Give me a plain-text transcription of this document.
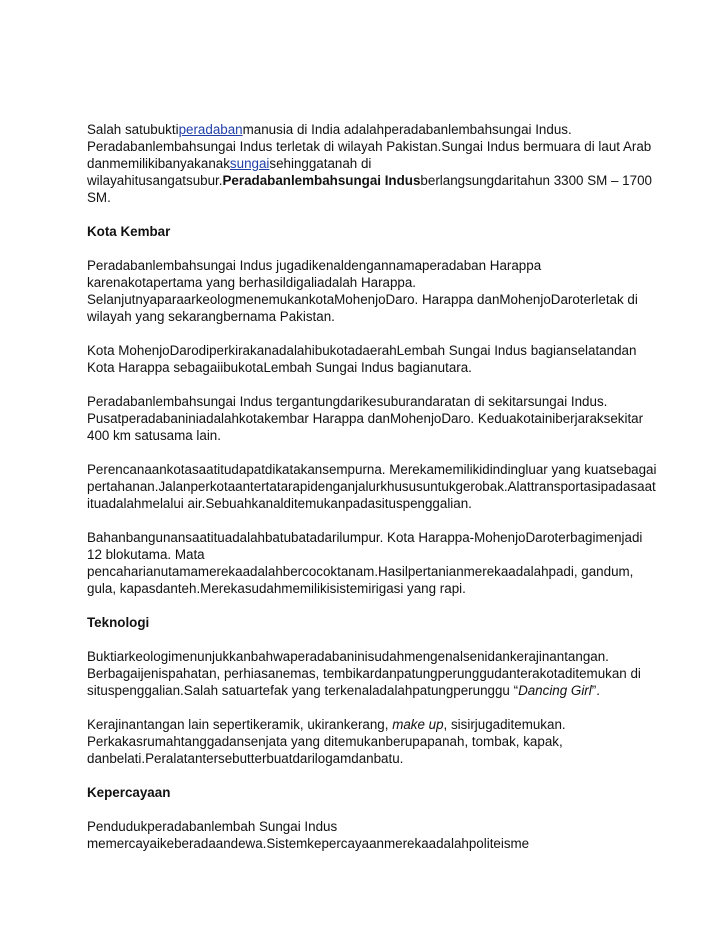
Salah satubuktiperadabanmanusia di India adalahperadabanlembahsungai Indus. Peradabanlembahsungai Indus terletak di wilayah Pakistan.Sungai Indus bermuara di laut Arab danmemilikibanyakanaksungaisehinggatanah di wilayahitusangatsubur.Peradabanlembahsungai Indusberlangsungdaritahun 3300 SM – 1700 SM.

Kota Kembar

Peradabanlembahsungai Indus jugadikenaldengannamaperadaban Harappa karenakotapertama yang berhasildigaliadalah Harappa. SelanjutnyaparaarkeologmenemukankotaMohenjoDaro. Harappa danMohenjoDaroterletak di wilayah yang sekarangbernama Pakistan.

Kota MohenjoDarodiperkirakanadalahibukotadaerahLembah Sungai Indus bagianselatandan Kota Harappa sebagaiibukotaLembah Sungai Indus bagianutara.

Peradabanlembahsungai Indus tergantungdarikesuburandaratan di sekitarsungai Indus. Pusatperadabaniniadalahkotakembar Harappa danMohenjoDaro. Keduakotainiberjaraksekitar 400 km satusama lain.

Perencanaankotasaatitudapatdikatakansempurna. Merekamemilikidindingluar yang kuatsebagaipertahanan.Jalanperkotaantertatarapidenganjalurkhususuntukgerobak.Alattransportasipadasaatituadalahmelalui air.Sebuahkanalditemukanpadasituspenggalian.

Bahanbangunansaatituadalahbatubatadarilumpur. Kota Harappa-MohenjoDaroterbagimenjadi 12 blokutama. Mata pencaharianutamamerekaadalahbercocoktanam.Hasilpertanianmerekaadalahpadi, gandum, gula, kapasdanteh.Merekasudahmemilikisistemirigasi yang rapi.

Teknologi

Buktiarkeologimenunjukkanbahwaperadabaninisudahmengenalsenidankerajinantangan. Berbagaijenispahatan, perhiasanemas, tembikardanpatungperunggudanterakotaditemukan di situspenggalian.Salah satuartefak yang terkenaladalahpatungperunggu “Dancing Girl”.

Kerajinantangan lain sepertikeramik, ukirankerang, make up, sisirjugaditemukan. Perkakasrumahtanggadansenjata yang ditemukanberupapanah, tombak, kapak, danbelati.Peralatantersebutterbuatdarilogamdanbatu.

Kepercayaan

Pendudukperadabanlembah Sungai Indus memercayaikeberadaandewa.Sistemkepercayaanmerekaadalahpoliteisme
